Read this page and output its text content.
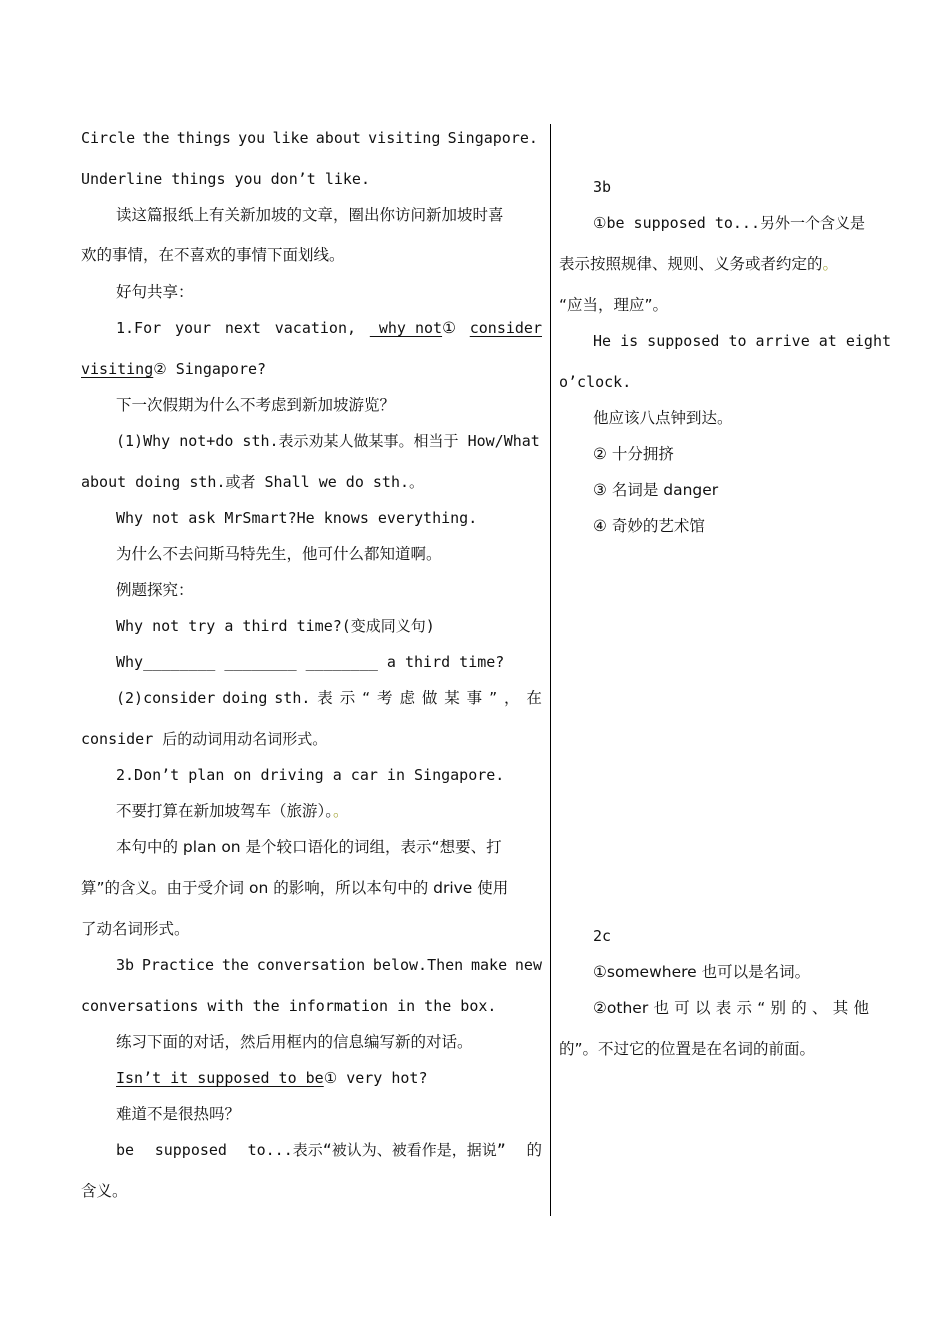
Circle the things you like about visiting Singapore.
Underline things you don’t like.
读这篇报纸上有关新加坡的文章，圈出你访问新加坡时喜
欢的事情，在不喜欢的事情下面划线。
好句共享：
1.For your next vacation, why not① consider
visiting② Singapore?
下一次假期为什么不考虑到新加坡游览？
(1)Why not+do sth.表示劝某人做某事。相当于 How/What
about doing sth.或者 Shall we do sth.。
Why not ask MrSmart?He knows everything.
为什么不去问斯马特先生，他可什么都知道啊。
例题探究：
Why not try a third time?(变成同义句)
Why________ ________ ________ a third time?
(2)consider doing sth. 表 示 “ 考 虑 做 某 事 ” ， 在
consider 后的动词用动名词形式。
2.Don’t plan on driving a car in Singapore.
不要打算在新加坡驾车（旅游）。。
本句中的 plan on 是个较口语化的词组，表示“想要、打
算”的含义。由于受介词 on 的影响，所以本句中的 drive 使用
了动名词形式。
3b Practice the conversation below.Then make new
conversations with the information in the box.
练习下面的对话，然后用框内的信息编写新的对话。
Isn’t it supposed to be① very hot?
难道不是很热吗？
be supposed to...表示“被认为、被看作是，据说” 的
含义。
3b
①be supposed to...另外一个含义是
表示按照规律、规则、义务或者约定的。
“应当，理应”。
He is supposed to arrive at eight
o’clock.
他应该八点钟到达。
② 十分拥挤
③ 名词是 danger
④ 奇妙的艺术馆
2c
①somewhere 也可以是名词。
②other 也 可 以 表 示 “ 别 的 、 其 他
的”。不过它的位置是在名词的前面。
